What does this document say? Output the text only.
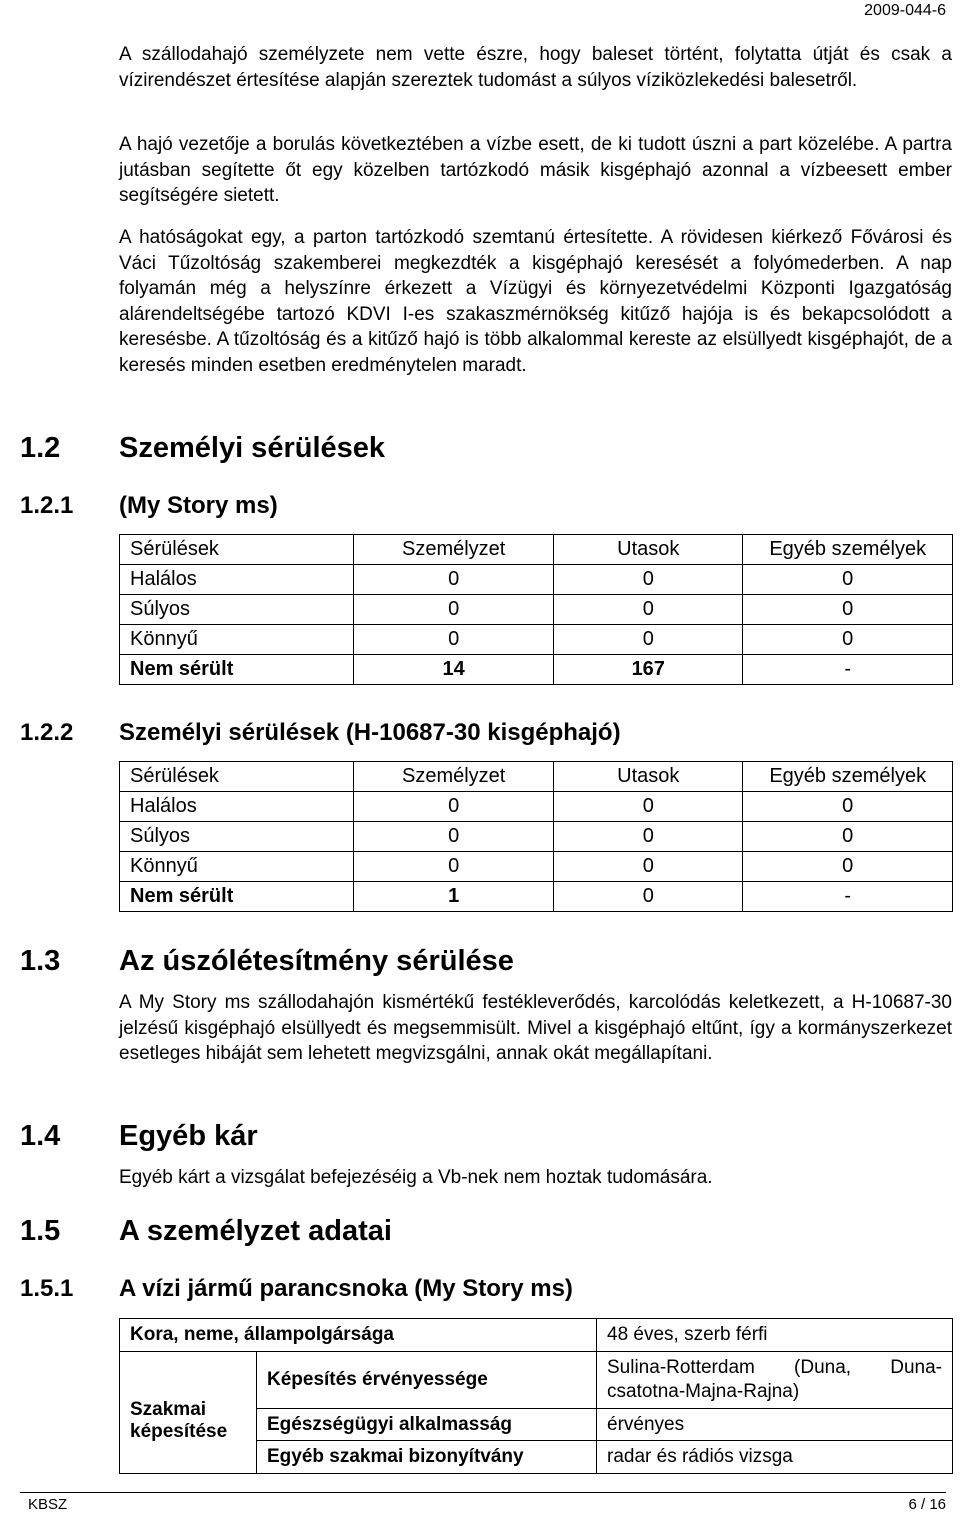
2009-044-6

A szállodahajó személyzete nem vette észre, hogy baleset történt, folytatta útját és csak a vízirendészet értesítése alapján szereztek tudomást a súlyos víziközlekedési balesetről.

A hajó vezetője a borulás következtében a vízbe esett, de ki tudott úszni a part közelébe. A partra jutásban segítette őt egy közelben tartózkodó másik kisgéphajó azonnal a vízbeesett ember segítségére sietett.

A hatóságokat egy, a parton tartózkodó szemtanú értesítette. A rövidesen kiérkező Fővárosi és Váci Tűzoltóság szakemberei megkezdték a kisgéphajó keresését a folyómederben. A nap folyamán még a helyszínre érkezett a Vízügyi és környezetvédelmi Központi Igazgatóság alárendeltségébe tartozó KDVI I-es szakaszmérnökség kitűző hajója is és bekapcsolódott a keresésbe. A tűzoltóság és a kitűző hajó is több alkalommal kereste az elsüllyedt kisgéphajót, de a keresés minden esetben eredménytelen maradt.

1.2 Személyi sérülések
1.2.1 (My Story ms)
Sérülések	Személyzet	Utasok	Egyéb személyek
Halálos	0	0	0
Súlyos	0	0	0
Könnyű	0	0	0
Nem sérült	14	167	-
1.2.2 Személyi sérülések (H-10687-30 kisgéphajó)
Sérülések	Személyzet	Utasok	Egyéb személyek
Halálos	0	0	0
Súlyos	0	0	0
Könnyű	0	0	0
Nem sérült	1	0	-
1.3 Az úszólétesítmény sérülése

A My Story ms szállodahajón kismértékű festékleverődés, karcolódás keletkezett, a H-10687-30 jelzésű kisgéphajó elsüllyedt és megsemmisült. Mivel a kisgéphajó eltűnt, így a kormányszerkezet esetleges hibáját sem lehetett megvizsgálni, annak okát megállapítani.

1.4 Egyéb kár

Egyéb kárt a vizsgálat befejezéséig a Vb-nek nem hoztak tudomására.

1.5 A személyzet adatai
1.5.1 A vízi jármű parancsnoka (My Story ms)
Kora, neme, állampolgársága		48 éves, szerb férfi
Szakmai képesítése	Képesítés érvényessége	Sulina-Rotterdam (Duna, Duna-csatotna-Majna-Rajna)
	Egészségügyi alkalmasság	érvényes
	Egyéb szakmai bizonyítvány	radar és rádiós vizsga
KBSZ	6 / 16
